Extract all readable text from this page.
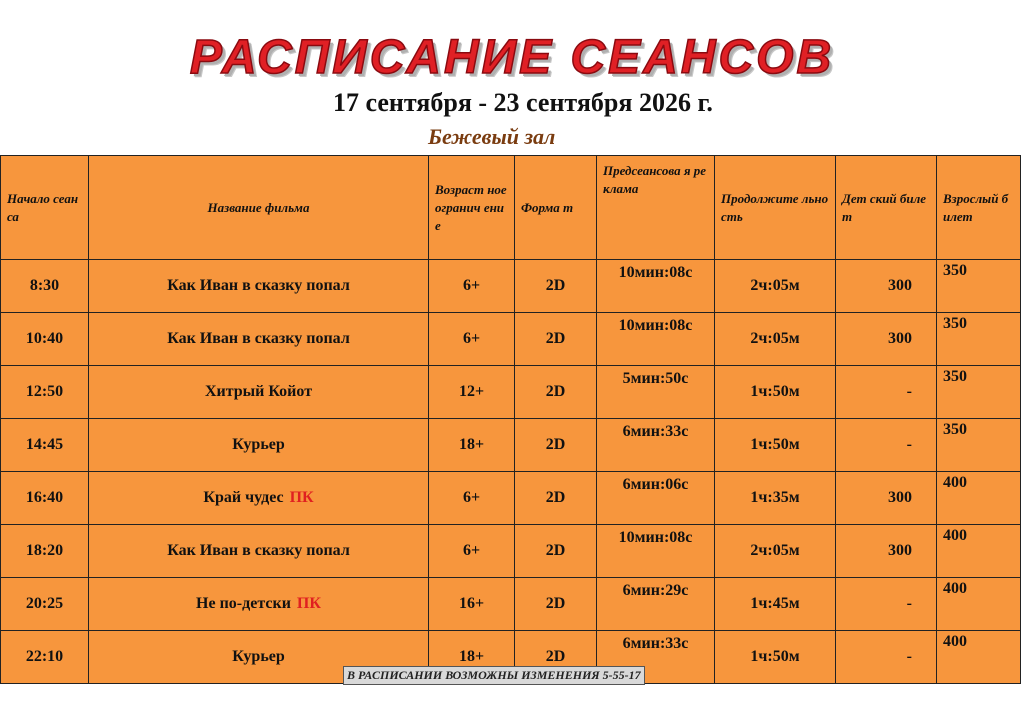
РАСПИСАНИЕ СЕАНСОВ
17 сентября - 23 сентября 2026 г.
Бежевый зал
Начало сеанса	Название фильма	Возраст ное огранич ение	Форма т	Предсеансова я реклама	Продолжите льность	Дет ский биле т	Взрослый билет
8:30	Как Иван в сказку попал	6+	2D	10мин:08с	2ч:05м	300	350
10:40	Как Иван в сказку попал	6+	2D	10мин:08с	2ч:05м	300	350
12:50	Хитрый Койот	12+	2D	5мин:50с	1ч:50м	-	350
14:45	Курьер	18+	2D	6мин:33с	1ч:50м	-	350
16:40	Край чудес ПК	6+	2D	6мин:06с	1ч:35м	300	400
18:20	Как Иван в сказку попал	6+	2D	10мин:08с	2ч:05м	300	400
20:25	Не по-детски ПК	16+	2D	6мин:29с	1ч:45м	-	400
22:10	Курьер	18+	2D	6мин:33с	1ч:50м	-	400
В РАСПИСАНИИ ВОЗМОЖНЫ ИЗМЕНЕНИЯ 5-55-17
